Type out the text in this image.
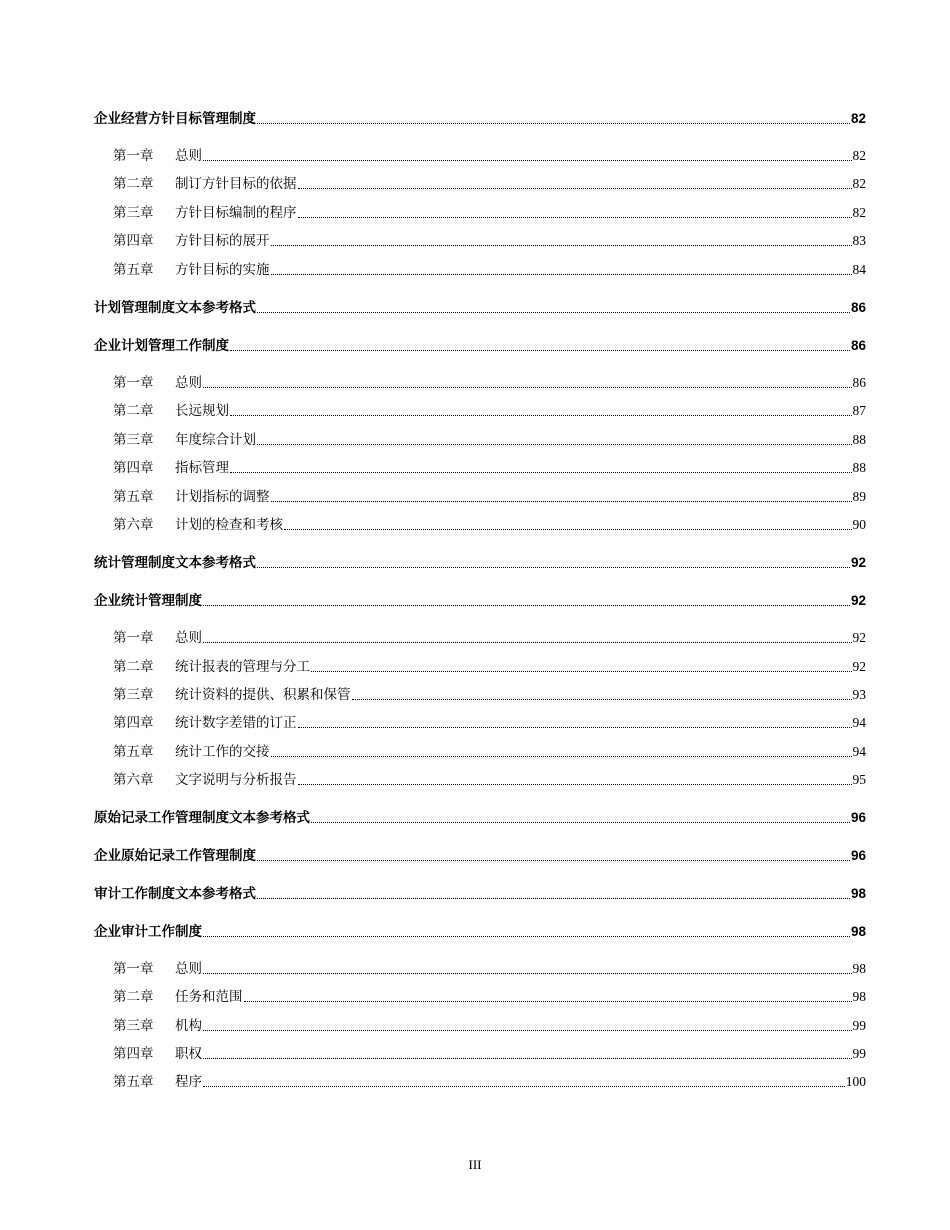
企业经营方针目标管理制度	82
第一章	总则	82
第二章	制订方针目标的依据	82
第三章	方针目标编制的程序	82
第四章	方针目标的展开	83
第五章	方针目标的实施	84
计划管理制度文本参考格式	86
企业计划管理工作制度	86
第一章	总则	86
第二章	长远规划	87
第三章	年度综合计划	88
第四章	指标管理	88
第五章	计划指标的调整	89
第六章	计划的检查和考核	90
统计管理制度文本参考格式	92
企业统计管理制度	92
第一章	总则	92
第二章	统计报表的管理与分工	92
第三章	统计资料的提供、积累和保管	93
第四章	统计数字差错的订正	94
第五章	统计工作的交接	94
第六章	文字说明与分析报告	95
原始记录工作管理制度文本参考格式	96
企业原始记录工作管理制度	96
审计工作制度文本参考格式	98
企业审计工作制度	98
第一章	总则	98
第二章	任务和范围	98
第三章	机构	99
第四章	职权	99
第五章	程序	100
III
